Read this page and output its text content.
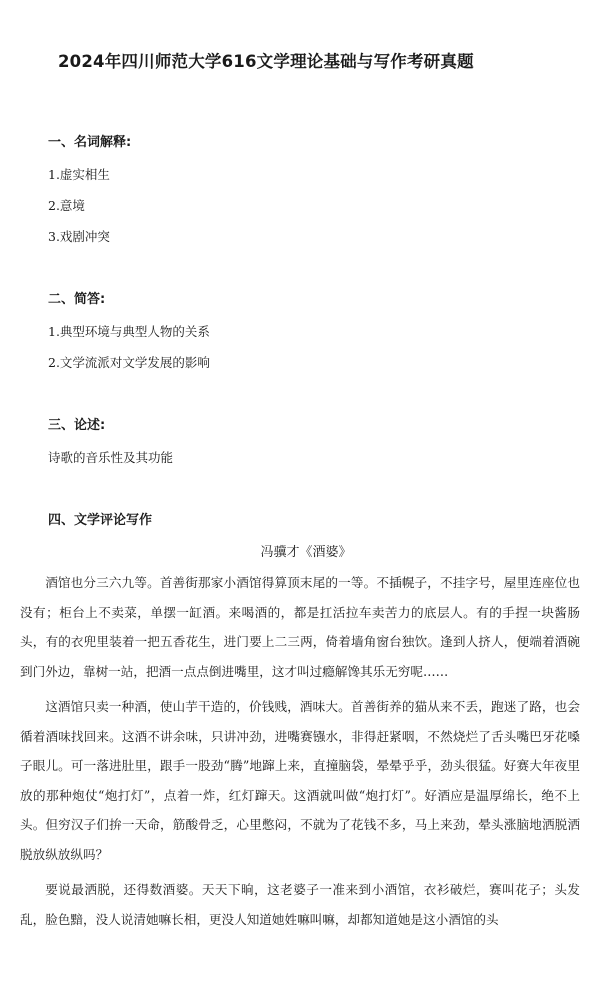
2024年四川师范大学616文学理论基础与写作考研真题
一、名词解释:
1.虚实相生
2.意境
3.戏剧冲突
二、简答:
1.典型环境与典型人物的关系
2.文学流派对文学发展的影响
三、论述:
诗歌的音乐性及其功能
四、文学评论写作
冯骥才《酒婆》

酒馆也分三六九等。首善街那家小酒馆得算顶末尾的一等。不插幌子，不挂字号，屋里连座位也没有；柜台上不卖菜，单摆一缸酒。来喝酒的，都是扛活拉车卖苦力的底层人。有的手捏一块酱肠头，有的衣兜里装着一把五香花生，进门要上二三两，倚着墙角窗台独饮。逢到人挤人，便端着酒碗到门外边，靠树一站，把酒一点点倒进嘴里，这才叫过瘾解馋其乐无穷呢……

这酒馆只卖一种酒，使山芋干造的，价钱贱，酒味大。首善街养的猫从来不丢，跑迷了路，也会循着酒味找回来。这酒不讲余味，只讲冲劲，进嘴赛镪水，非得赶紧咽，不然烧烂了舌头嘴巴牙花嗓子眼儿。可一落进肚里，跟手一股劲“腾”地蹿上来，直撞脑袋，晕晕乎乎，劲头很猛。好赛大年夜里放的那种炮仗“炮打灯”，点着一炸，红灯蹿天。这酒就叫做“炮打灯”。好酒应是温厚绵长，绝不上头。但穷汉子们拚一天命，筋酸骨乏，心里憋闷，不就为了花钱不多，马上来劲，晕头涨脑地洒脱洒脱放纵放纵吗？

要说最洒脱，还得数酒婆。天天下晌，这老婆子一准来到小酒馆，衣衫破烂，赛叫花子；头发乱，脸色黯，没人说清她嘛长相，更没人知道她姓嘛叫嘛，却都知道她是这小酒馆的头
